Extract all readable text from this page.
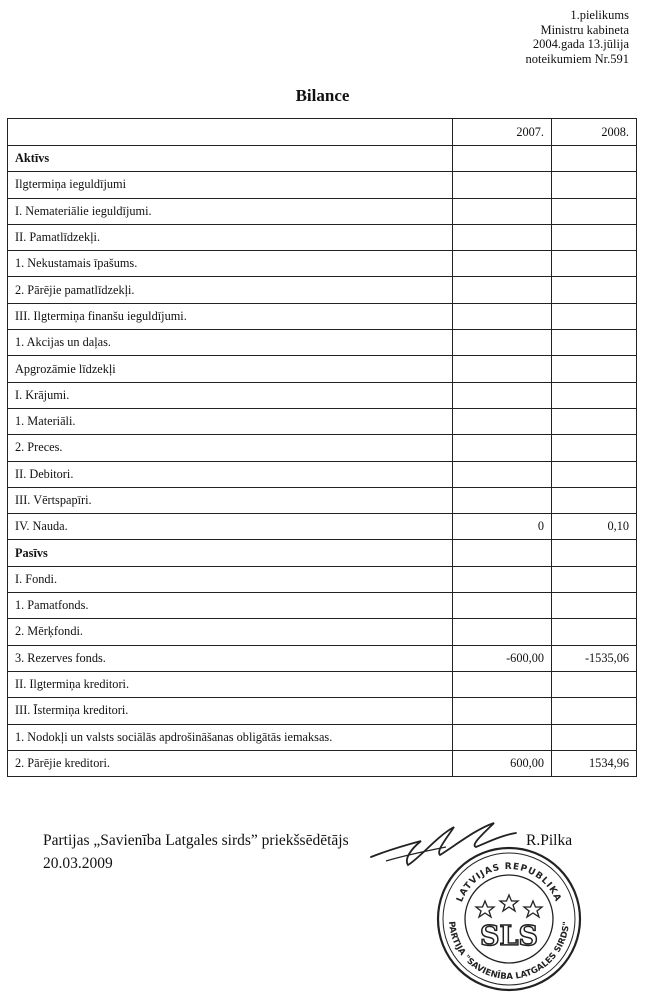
1.pielikums
Ministru kabineta
2004.gada 13.jūlija
noteikumiem Nr.591
Bilance
	2007.	2008.
Aktīvs		
Ilgtermiņa ieguldījumi		
I. Nemateriālie ieguldījumi.		
II. Pamatlīdzekļi.		
1. Nekustamais īpašums.		
2. Pārējie pamatlīdzekļi.		
III. Ilgtermiņa finanšu ieguldījumi.		
1. Akcijas un daļas.		
Apgrozāmie līdzekļi		
I. Krājumi.		
1. Materiāli.		
2. Preces.		
II. Debitori.		
III. Vērtspapīri.		
IV. Nauda.	0	0,10
Pasīvs		
I. Fondi.		
1. Pamatfonds.		
2. Mērķfondi.		
3. Rezerves fonds.	-600,00	-1535,06
II. Ilgtermiņa kreditori.		
III. Īstermiņa kreditori.		
1. Nodokļi un valsts sociālās apdrošināšanas obligātās iemaksas.		
2. Pārējie kreditori.	600,00	1534,96
Partijas „Savienība Latgales sirds” priekšsēdētājs
20.03.2009
R.Pilka
LATVIJAS REPUBLIKA
PARTIJA "SAVIENĪBA LATGALES SIRDS"
SLS
